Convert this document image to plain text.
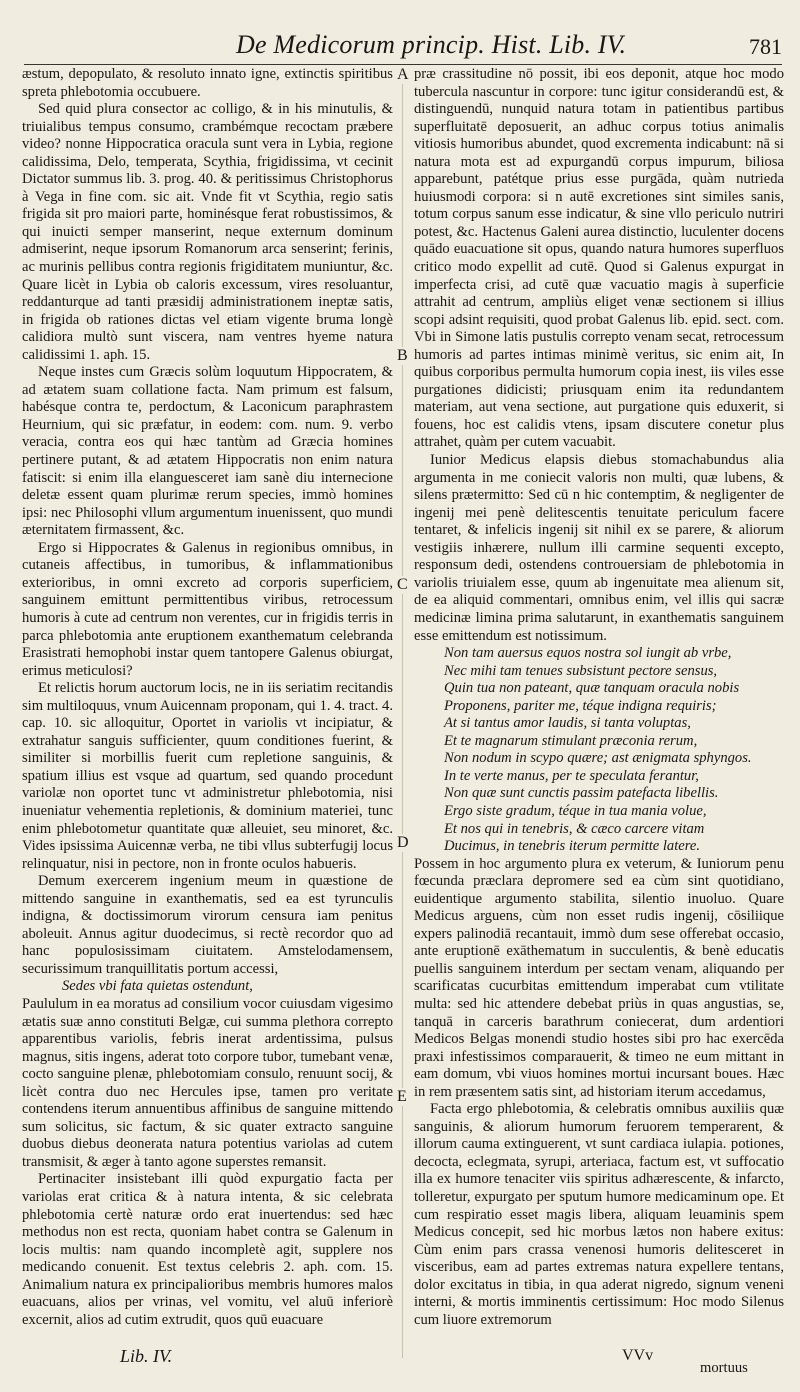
De Medicorum princip. Hist. Lib. IV.	781

æstum, depopulato, & resoluto innato igne, extinctis spiritibus spreta phlebotomia occubuere.

Sed quid plura consector ac colligo, & in his minutulis, & triuialibus tempus consumo, crambémque recoctam præbere video? nonne Hippocratica oracula sunt vera in Lybia, regione calidissima, Delo, temperata, Scythia, frigidissima, vt cecinit Dictator summus lib. 3. prog. 40. & peritissimus Christophorus à Vega in fine com. sic ait. Vnde fit vt Scythia, regio satis frigida sit pro maiori parte, hominésque ferat robustissimos, & qui inuicti semper manserint, neque externum dominum admiserint, neque ipsorum Romanorum arca senserint; ferinis, ac murinis pellibus contra regionis frigiditatem muniuntur, &c. Quare licèt in Lybia ob caloris excessum, vires resoluantur, reddanturque ad tanti præsidij administrationem ineptæ satis, in frigida ob rationes dictas vel etiam vigente bruma longè calidiora multò sunt viscera, nam ventres hyeme natura calidissimi 1. aph. 15.

Neque instes cum Græcis solùm loquutum Hippocratem, & ad ætatem suam collatione facta. Nam primum est falsum, habésque contra te, perdoctum, & Laconicum paraphrastem Heurnium, qui sic præfatur, in eodem: com. num. 9. verbo veracia, contra eos qui hæc tantùm ad Græcia homines pertinere putant, & ad ætatem Hippocratis non enim natura fatiscit: si enim illa elanguesceret iam sanè diu internecione deletæ essent quam plurimæ rerum species, immò homines ipsi: nec Philosophi vllum argumentum inuenissent, quo mundi æternitatem firmassent, &c.

Ergo si Hippocrates & Galenus in regionibus omnibus, in cutaneis affectibus, in tumoribus, & inflammationibus exterioribus, in omni excreto ad corporis superficiem, sanguinem emittunt permittentibus viribus, retrocessum humoris à cute ad centrum non verentes, cur in frigidis terris in parca phlebotomia ante eruptionem exanthematum celebranda Erasistrati hemophobi instar quem tantopere Galenus obiurgat, erimus meticulosi?

Et relictis horum auctorum locis, ne in iis seriatim recitandis sim multiloquus, vnum Auicennam proponam, qui 1. 4. tract. 4. cap. 10. sic alloquitur, Oportet in variolis vt incipiatur, & extrahatur sanguis sufficienter, quum conditiones fuerint, & similiter si morbillis fuerit cum repletione sanguinis, & spatium illius est vsque ad quartum, sed quando procedunt variolæ non oportet tunc vt administretur phlebotomia, nisi inueniatur vehementia repletionis, & dominium materiei, tunc enim phlebotometur quantitate quæ alleuiet, seu minoret, &c. Vides ipsissima Auicennæ verba, ne tibi vllus subterfugij locus relinquatur, nisi in pectore, non in fronte oculos habueris.

Demum exercerem ingenium meum in quæstione de mittendo sanguine in exanthematis, sed ea est tyrunculis indigna, & doctissimorum virorum censura iam penitus aboleuit. Annus agitur duodecimus, si rectè recordor quo ad hanc populosissimam ciuitatem. Amstelodamensem, securissimum tranquillitatis portum accessi,

Sedes vbi fata quietas ostendunt,

Paululum in ea moratus ad consilium vocor cuiusdam vigesimo ætatis suæ anno constituti Belgæ, cui summa plethora correpto apparentibus variolis, febris inerat ardentissima, pulsus magnus, sitis ingens, aderat toto corpore tubor, tumebant venæ, cocto sanguine plenæ, phlebotomiam consulo, renuunt socij, & licèt contra duo nec Hercules ipse, tamen pro veritate contendens iterum annuentibus affinibus de sanguine mittendo sum solicitus, sic factum, & sic quater extracto sanguine duobus diebus deonerata natura potentius variolas ad cutem transmisit, & æger à tanto agone superstes remansit.

Pertinaciter insistebant illi quòd expurgatio facta per variolas erat critica & à natura intenta, & sic celebrata phlebotomia certè naturæ ordo erat inuertendus: sed hæc methodus non est recta, quoniam habet contra se Galenum in locis multis: nam quando incompletè agit, supplere nos medicando conuenit. Est textus celebris 2. aph. com. 15. Animalium natura ex principalioribus membris humores malos euacuans, alios per vrinas, vel vomitu, vel aluū inferiorè excernit, alios ad cutim extrudit, quos quū euacuare

præ crassitudine nō possit, ibi eos deponit, atque hoc modo tubercula nascuntur in corpore: tunc igitur considerandū est, & distinguendū, nunquid natura totam in patientibus partibus superfluitatē deposuerit, an adhuc corpus totius animalis vitiosis humoribus abundet, quod excrementa indicabunt: nā si natura mota est ad expurgandū corpus impurum, biliosa apparebunt, patétque prius esse purgāda, quàm nutrieda huiusmodi corpora: si n autē excretiones sint similes sanis, totum corpus sanum esse indicatur, & sine vllo periculo nutriri potest, &c. Hactenus Galeni aurea distinctio, luculenter docens quādo euacuatione sit opus, quando natura humores superfluos critico modo expellit ad cutē. Quod si Galenus expurgat in imperfecta crisi, ad cutē quæ vacuatio magis à superficie attrahit ad centrum, ampliùs eliget venæ sectionem si illius scopi adsint requisiti, quod probat Galenus lib. epid. sect. com. Vbi in Simone latis pustulis correpto venam secat, retrocessum humoris ad partes intimas minimè veritus, sic enim ait, In quibus corporibus permulta humorum copia inest, iis viles esse purgationes didicisti; priusquam enim ita redundantem materiam, aut vena sectione, aut purgatione quis eduxerit, si fouens, hoc est calidis vtens, ipsam discutere conetur plus attrahet, quàm per cutem vacuabit.

Iunior Medicus elapsis diebus stomachabundus alia argumenta in me coniecit valoris non multi, quæ lubens, & silens prætermitto: Sed cū n hic contemptim, & negligenter de ingenij mei penè delitescentis tenuitate periculum facere tentaret, & infelicis ingenij sit nihil ex se parere, & aliorum vestigiis inhærere, nullum illi carmine sequenti excepto, responsum dedi, ostendens controuersiam de phlebotomia in variolis triuialem esse, quum ab ingenuitate mea alienum sit, de ea aliquid commentari, omnibus enim, vel illis qui sacræ medicinæ limina prima salutarunt, in exanthematis sanguinem esse emittendum est notissimum.

Non tam auersus equos nostra sol iungit ab vrbe,
Nec mihi tam tenues subsistunt pectore sensus,
Quin tua non pateant, quæ tanquam oracula nobis
Proponens, pariter me, téque indigna requiris;
At si tantus amor laudis, si tanta voluptas,
Et te magnarum stimulant præconia rerum,
Non nodum in scypo quære; ast ænigmata sphyngos.
In te verte manus, per te speculata ferantur,
Non quæ sunt cunctis passim patefacta libellis.
Ergo siste gradum, téque in tua mania volue,
Et nos qui in tenebris, & cæco carcere vitam
Ducimus, in tenebris iterum permitte latere.

Possem in hoc argumento plura ex veterum, & Iuniorum penu fœcunda præclara depromere sed ea cùm sint quotidiano, euidentique argumento stabilita, silentio inuoluo. Quare Medicus arguens, cùm non esset rudis ingenij, cōsiliique expers palinodiā recantauit, immò dum sese offerebat occasio, ante eruptionē exāthematum in succulentis, & benè educatis puellis sanguinem interdum per sectam venam, aliquando per scarificatas cucurbitas emittendum imperabat cum vtilitate multa: sed hic attendere debebat priùs in quas angustias, se, tanquā in carceris barathrum coniecerat, dum ardentiori Medicos Belgas monendi studio hostes sibi pro hac exercēda praxi infestissimos comparauerit, & timeo ne eum mittant in eam domum, vbi viuos homines mortui incursant boues. Hæc in rem præsentem satis sint, ad historiam iterum accedamus,

Facta ergo phlebotomia, & celebratis omnibus auxiliis quæ sanguinis, & aliorum humorum feruorem temperarent, & illorum cauma extinguerent, vt sunt cardiaca iulapia. potiones, decocta, eclegmata, syrupi, arteriaca, factum est, vt suffocatio illa ex humore tenaciter viis spiritus adhærescente, & infarcto, tolleretur, expurgato per sputum humore medicaminum ope. Et cum respiratio esset magis libera, aliquam leuaminis spem Medicus concepit, sed hic morbus lætos non habere exitus: Cùm enim pars crassa venenosi humoris delitesceret in visceribus, eam ad partes extremas natura expellere tentans, dolor excitatus in tibia, in qua aderat nigredo, signum veneni interni, & mortis imminentis certissimum: Hoc modo Silenus cum liuore extremorum

A
B
C
D
E
Lib. IV.	VVv
mortuus
